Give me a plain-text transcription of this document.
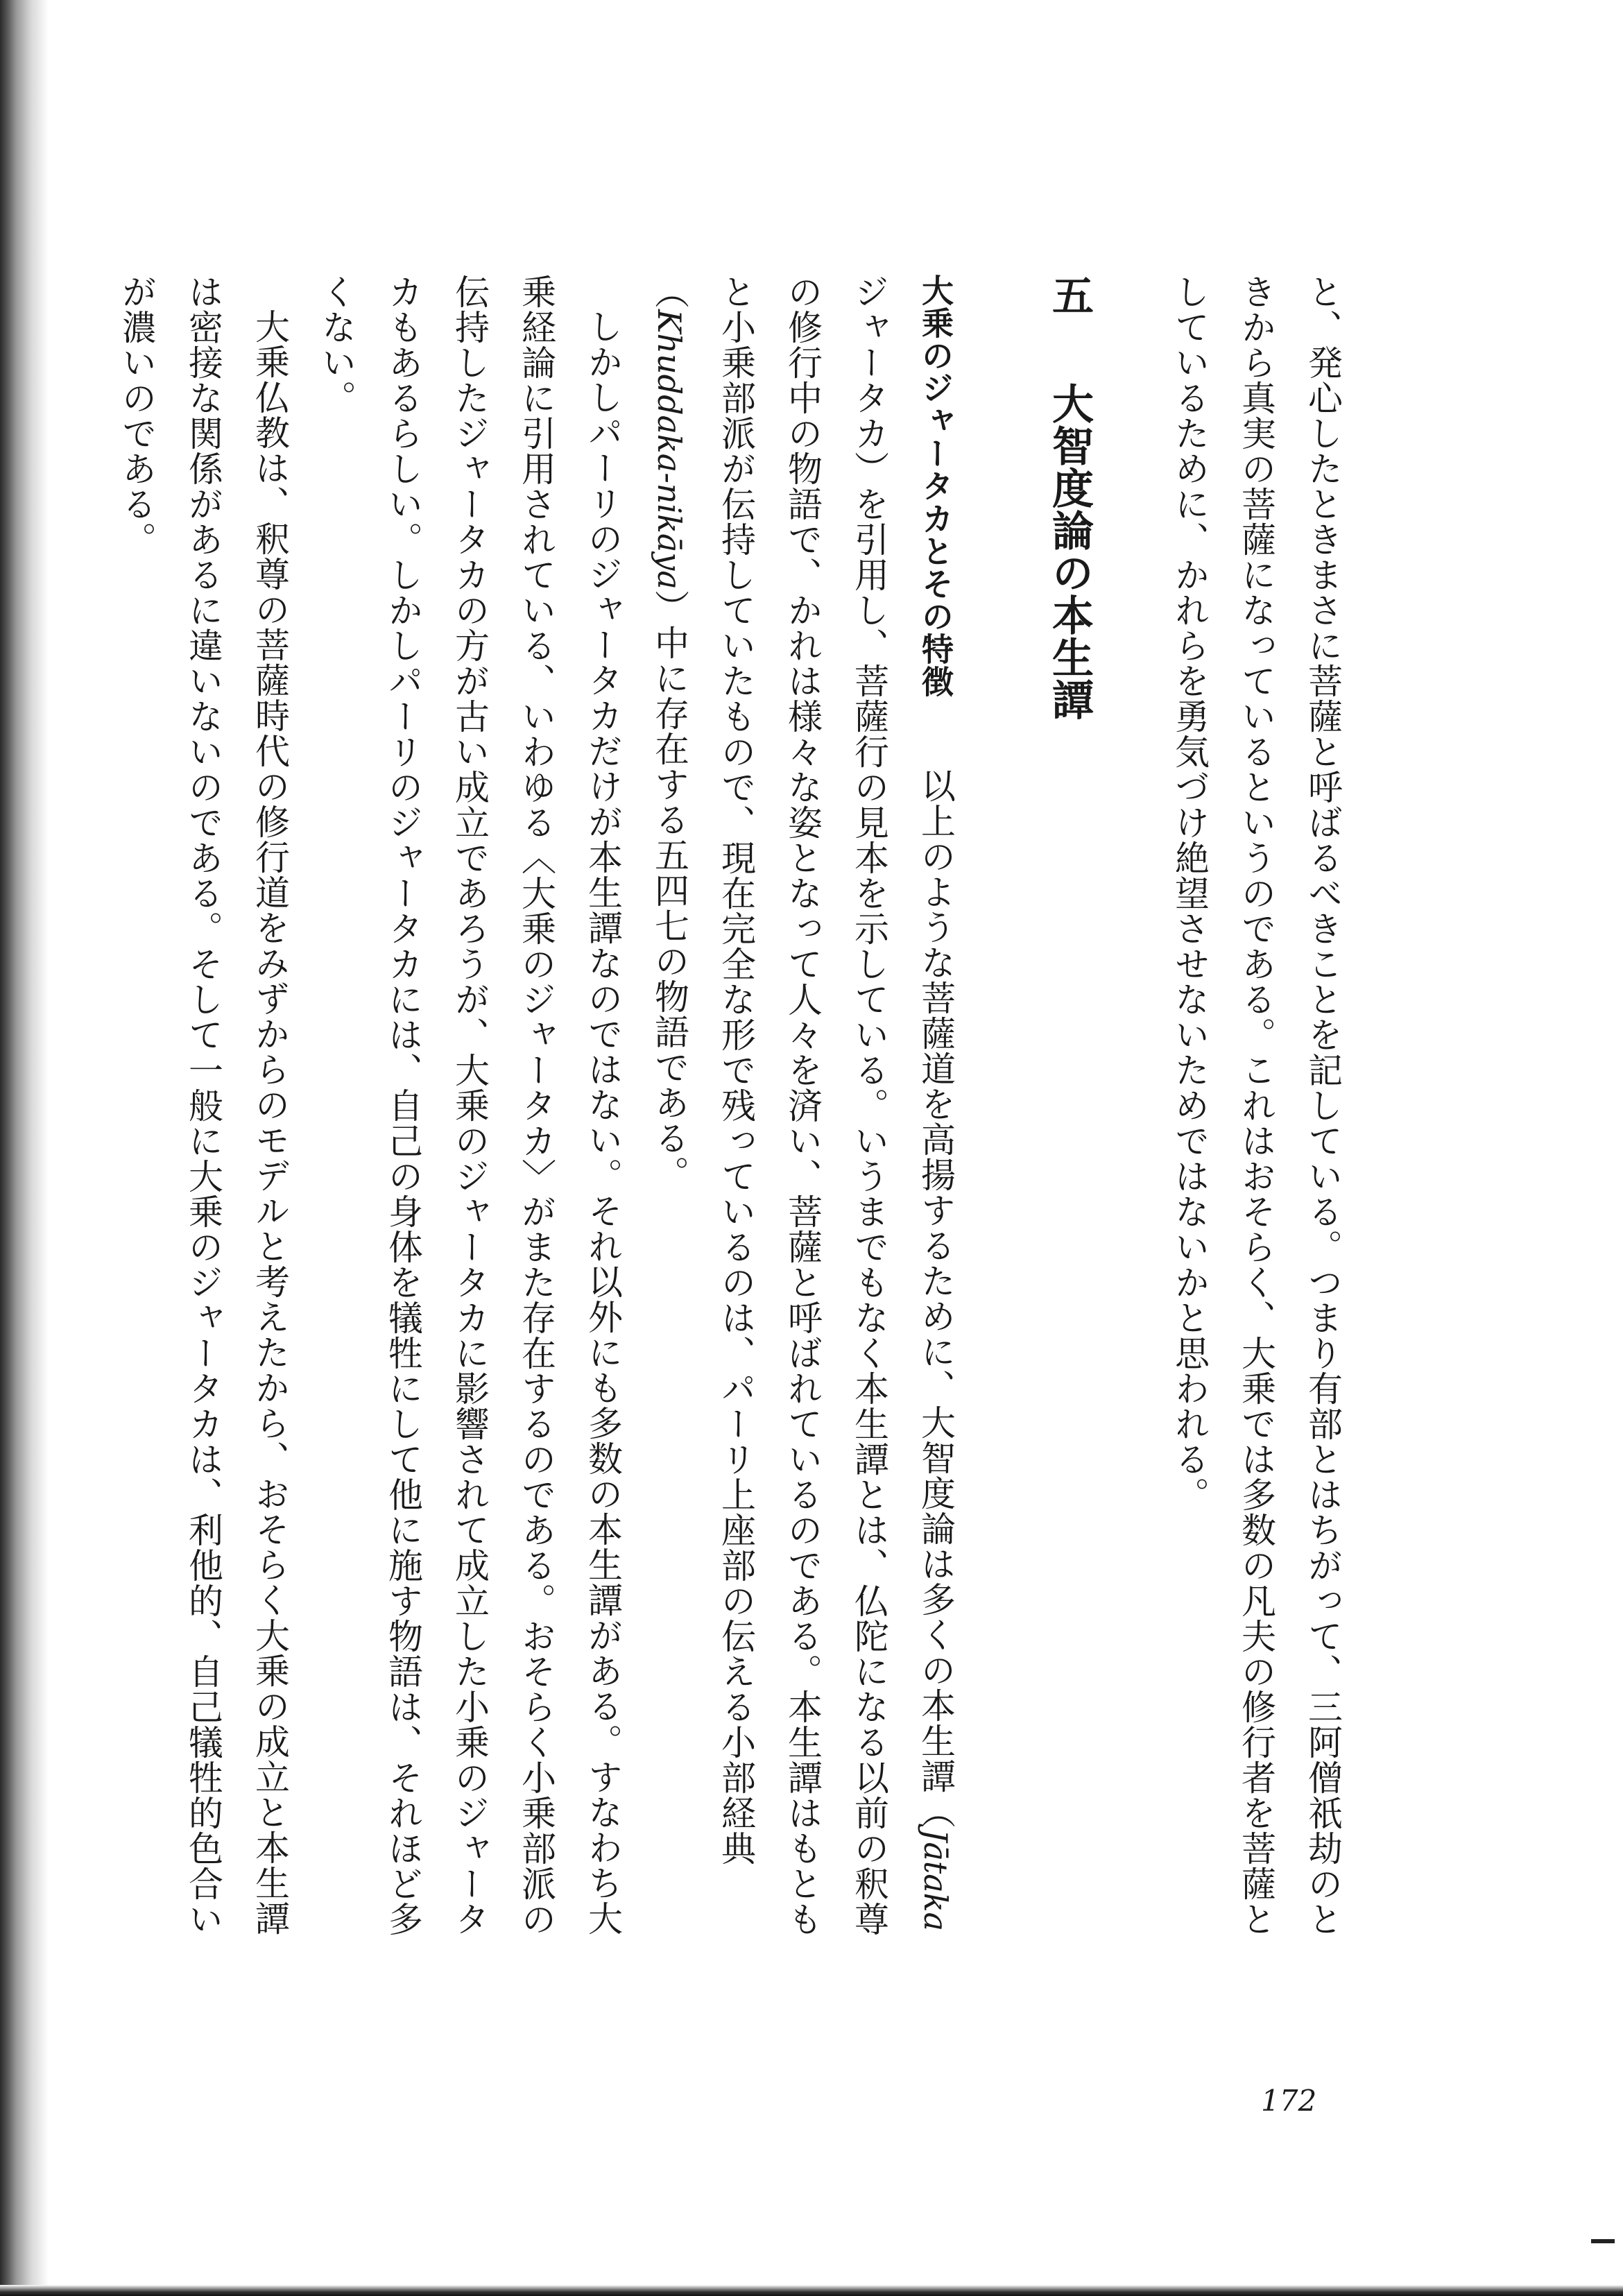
と、発心したときまさに菩薩と呼ばるべきことを記している。つまり有部とはちがって、三阿僧祇劫のときから真実の菩薩になっているというのである。これはおそらく、大乗では多数の凡夫の修行者を菩薩としているために、かれらを勇気づけ絶望させないためではないかと思われる。

五　大智度論の本生譚

大乗のジャータカとその特徴　以上のような菩薩道を高揚するために、大智度論は多くの本生譚（Jātaka ジャータカ）を引用し、菩薩行の見本を示している。いうまでもなく本生譚とは、仏陀になる以前の釈尊の修行中の物語で、かれは様々な姿となって人々を済い、菩薩と呼ばれているのである。本生譚はもともと小乗部派が伝持していたもので、現在完全な形で残っているのは、パーリ上座部の伝える小部経典（Khuddaka-nikāya）中に存在する五四七の物語である。

しかしパーリのジャータカだけが本生譚なのではない。それ以外にも多数の本生譚がある。すなわち大乗経論に引用されている、いわゆる〈大乗のジャータカ〉がまた存在するのである。おそらく小乗部派の伝持したジャータカの方が古い成立であろうが、大乗のジャータカに影響されて成立した小乗のジャータカもあるらしい。しかしパーリのジャータカには、自己の身体を犠牲にして他に施す物語は、それほど多くない。

大乗仏教は、釈尊の菩薩時代の修行道をみずからのモデルと考えたから、おそらく大乗の成立と本生譚は密接な関係があるに違いないのである。そして一般に大乗のジャータカは、利他的、自己犠牲的色合いが濃いのである。

172
